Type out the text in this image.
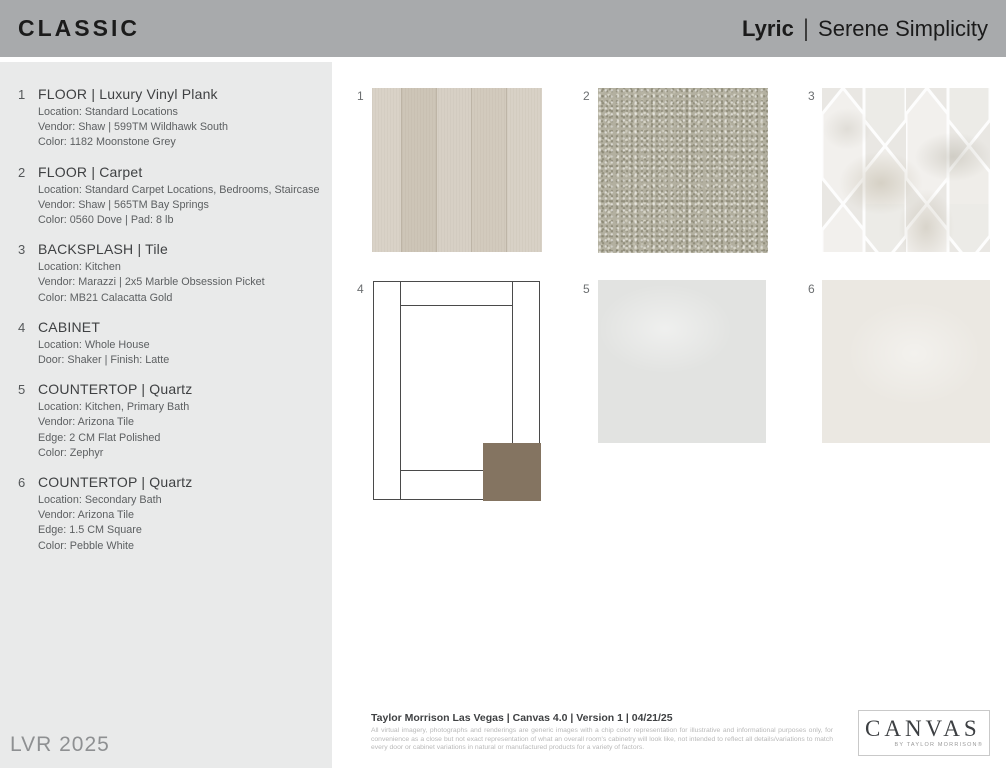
CLASSIC	Lyric | Serene Simplicity
1 FLOOR | Luxury Vinyl Plank
Location: Standard Locations
Vendor: Shaw | 599TM Wildhawk South
Color: 1182 Moonstone Grey
2 FLOOR | Carpet
Location: Standard Carpet Locations, Bedrooms, Staircase
Vendor: Shaw | 565TM Bay Springs
Color: 0560 Dove | Pad: 8 lb
3 BACKSPLASH | Tile
Location: Kitchen
Vendor: Marazzi | 2x5 Marble Obsession Picket
Color: MB21 Calacatta Gold
4 CABINET
Location: Whole House
Door: Shaker | Finish: Latte
5 COUNTERTOP | Quartz
Location: Kitchen, Primary Bath
Vendor: Arizona Tile
Edge: 2 CM Flat Polished
Color: Zephyr
6 COUNTERTOP | Quartz
Location: Secondary Bath
Vendor: Arizona Tile
Edge: 1.5 CM Square
Color: Pebble White
LVR 2025
1	2	3
4	5	6
Taylor Morrison Las Vegas | Canvas 4.0 | Version 1 | 04/21/25
All virtual imagery, photographs and renderings are generic images with a chip color representation for illustrative and informational purposes only, for convenience as a close but not exact representation of what an overall room's cabinetry will look like, not intended to reflect all details/variations to match every door or cabinet variations in natural or manufactured products for a variety of factors.
CANVAS
BY TAYLOR MORRISON®
